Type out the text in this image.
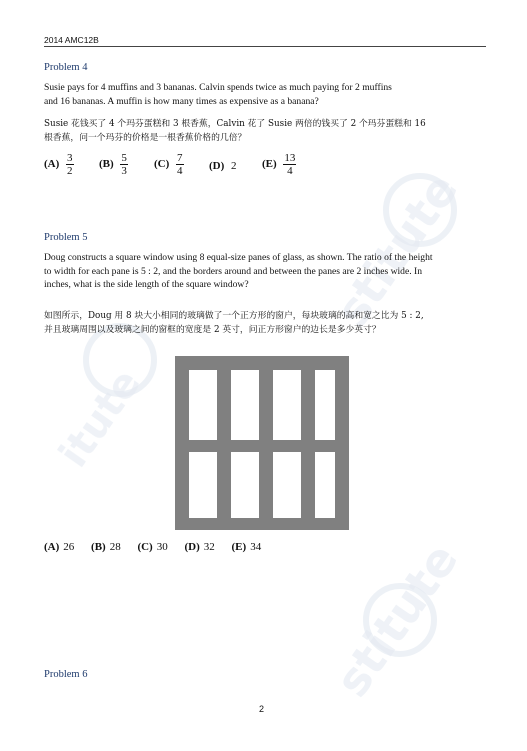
stitute
stitute
itute
2014 AMC12B
Problem 4
Susie pays for 4 muffins and 3 bananas. Calvin spends twice as much paying for 2 muffins
and 16 bananas. A muffin is how many times as expensive as a banana?
Susie 花钱买了 4 个玛芬蛋糕和 3 根香蕉，Calvin 花了 Susie 两倍的钱买了 2 个玛芬蛋糕和 16
根香蕉，问一个玛芬的价格是一根香蕉价格的几倍？
$(A) \frac{3}{2} (B) \frac{5}{3} (C) \frac{7}{4} (D)$ 2 $(E) \frac{13}{4}$
Problem 5
Doug constructs a square window using 8 equal-size panes of glass, as shown. The ratio of the height
to width for each pane is 5 : 2, and the borders around and between the panes are 2 inches wide. In
inches, what is the side length of the square window?
如图所示，Doug 用 8 块大小相同的玻璃做了一个正方形的窗户，每块玻璃的高和宽之比为 5 : 2,
并且玻璃周围以及玻璃之间的窗框的宽度是 2 英寸，问正方形窗户的边长是多少英寸？
(A) 26 (B) 28 (C) 30 (D) 32 (E) 34
Problem 6
2
